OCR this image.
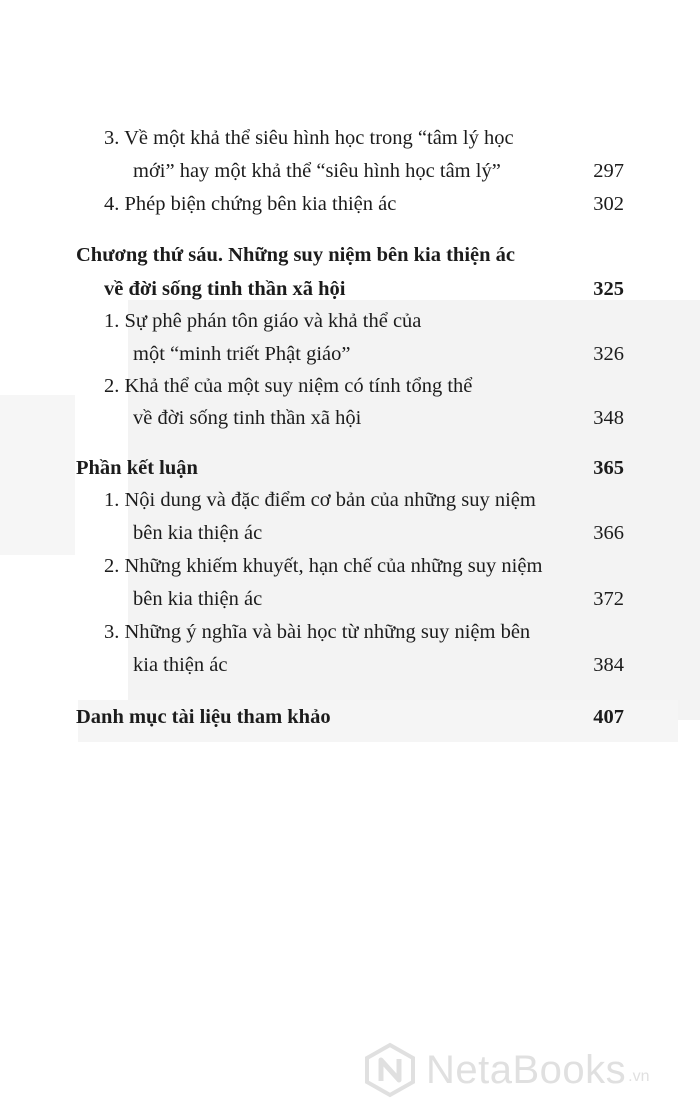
3. Về một khả thể siêu hình học trong “tâm lý học
mới” hay một khả thể “siêu hình học tâm lý”	297
4. Phép biện chứng bên kia thiện ác	302
Chương thứ sáu. Những suy niệm bên kia thiện ác
về đời sống tinh thần xã hội	325
1. Sự phê phán tôn giáo và khả thể của
một “minh triết Phật giáo”	326
2. Khả thể của một suy niệm có tính tổng thể
về đời sống tinh thần xã hội	348
Phần kết luận	365
1. Nội dung và đặc điểm cơ bản của những suy niệm
bên kia thiện ác	366
2. Những khiếm khuyết, hạn chế của những suy niệm
bên kia thiện ác	372
3. Những ý nghĩa và bài học từ những suy niệm bên
kia thiện ác	384
Danh mục tài liệu tham khảo	407
NetaBooks .vn
